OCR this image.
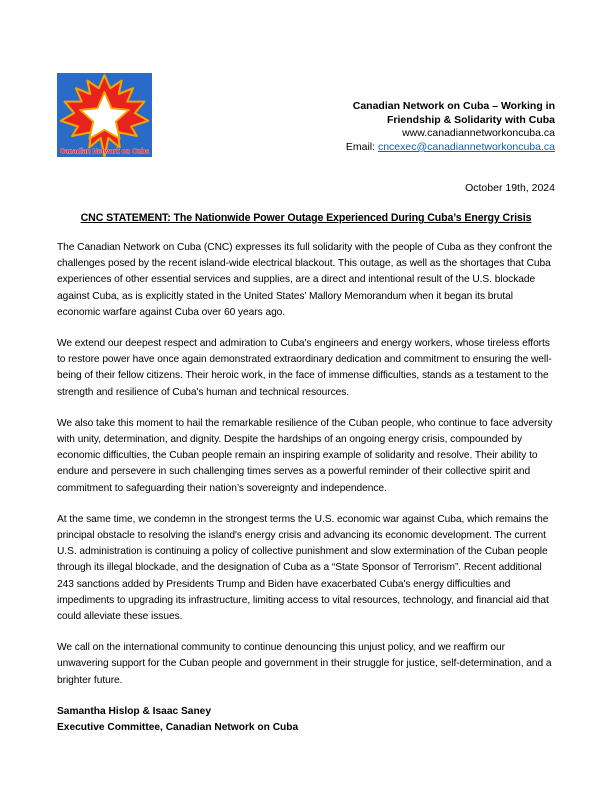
Canadian Network on Cuba
Canadian Network on Cuba – Working in
Friendship & Solidarity with Cuba
www.canadiannetworkoncuba.ca
Email: cncexec@canadiannetworkoncuba.ca
October 19th, 2024
CNC STATEMENT: The Nationwide Power Outage Experienced During Cuba’s Energy Crisis

The Canadian Network on Cuba (CNC) expresses its full solidarity with the people of Cuba as they confront the challenges posed by the recent island-wide electrical blackout. This outage, as well as the shortages that Cuba experiences of other essential services and supplies, are a direct and intentional result of the U.S. blockade against Cuba, as is explicitly stated in the United States’ Mallory Memorandum when it began its brutal economic warfare against Cuba over 60 years ago.

We extend our deepest respect and admiration to Cuba's engineers and energy workers, whose tireless efforts to restore power have once again demonstrated extraordinary dedication and commitment to ensuring the well-being of their fellow citizens. Their heroic work, in the face of immense difficulties, stands as a testament to the strength and resilience of Cuba's human and technical resources.

We also take this moment to hail the remarkable resilience of the Cuban people, who continue to face adversity with unity, determination, and dignity. Despite the hardships of an ongoing energy crisis, compounded by economic difficulties, the Cuban people remain an inspiring example of solidarity and resolve. Their ability to endure and persevere in such challenging times serves as a powerful reminder of their collective spirit and commitment to safeguarding their nation’s sovereignty and independence.

At the same time, we condemn in the strongest terms the U.S. economic war against Cuba, which remains the principal obstacle to resolving the island's energy crisis and advancing its economic development. The current U.S. administration is continuing a policy of collective punishment and slow extermination of the Cuban people through its illegal blockade, and the designation of Cuba as a “State Sponsor of Terrorism”. Recent additional 243 sanctions added by Presidents Trump and Biden have exacerbated Cuba's energy difficulties and impediments to upgrading its infrastructure, limiting access to vital resources, technology, and financial aid that could alleviate these issues.

We call on the international community to continue denouncing this unjust policy, and we reaffirm our unwavering support for the Cuban people and government in their struggle for justice, self-determination, and a brighter future.

Samantha Hislop & Isaac Saney
Executive Committee, Canadian Network on Cuba
